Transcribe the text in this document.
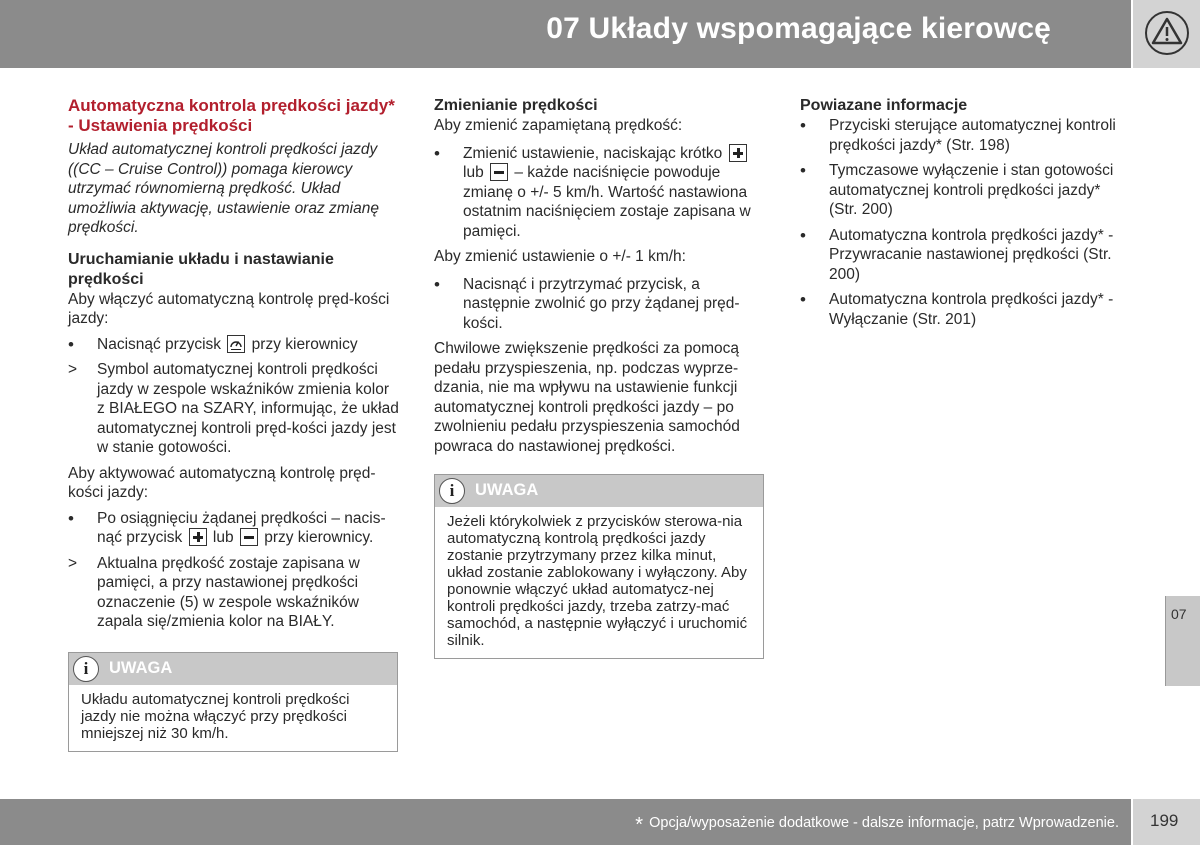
07 Układy wspomagające kierowcę
Automatyczna kontrola prędkości jazdy* - Ustawienia prędkości

Układ automatycznej kontroli prędkości jazdy ((CC – Cruise Control)) pomaga kierowcy utrzymać równomierną prędkość. Układ umożliwia aktywację, ustawienie oraz zmianę prędkości.

Uruchamianie układu i nastawianie prędkości

Aby włączyć automatyczną kontrolę pręd-kości jazdy:

•	Nacisnąć przycisk przy kierownicy
>	Symbol automatycznej kontroli prędkości jazdy w zespole wskaźników zmienia kolor z BIAŁEGO na SZARY, informując, że układ automatycznej kontroli pręd-kości jazdy jest w stanie gotowości.

Aby aktywować automatyczną kontrolę pręd-kości jazdy:

•	Po osiągnięciu żądanej prędkości – nacis-nąć przycisk lub przy kierownicy.
>	Aktualna prędkość zostaje zapisana w pamięci, a przy nastawionej prędkości oznaczenie (5) w zespole wskaźników zapala się/zmienia kolor na BIAŁY.
i	UWAGA
Układu automatycznej kontroli prędkości jazdy nie można włączyć przy prędkości mniejszej niż 30 km/h.
Zmienianie prędkości

Aby zmienić zapamiętaną prędkość:

•	Zmienić ustawienie, naciskając krótko  lub – każde naciśnięcie powoduje zmianę o +/- 5 km/h. Wartość nastawiona ostatnim naciśnięciem zostaje zapisana w pamięci.

Aby zmienić ustawienie o +/- 1 km/h:

•	Nacisnąć i przytrzymać przycisk, a następnie zwolnić go przy żądanej pręd-kości.

Chwilowe zwiększenie prędkości za pomocą pedału przyspieszenia, np. podczas wyprze-dzania, nie ma wpływu na ustawienie funkcji automatycznej kontroli prędkości jazdy – po zwolnieniu pedału przyspieszenia samochód powraca do nastawionej prędkości.

i	UWAGA
Jeżeli którykolwiek z przycisków sterowa-nia automatyczną kontrolą prędkości jazdy zostanie przytrzymany przez kilka minut, układ zostanie zablokowany i wyłączony. Aby ponownie włączyć układ automatycz-nej kontroli prędkości jazdy, trzeba zatrzy-mać samochód, a następnie wyłączyć i uruchomić silnik.
Powiazane informacje
•	Przyciski sterujące automatycznej kontroli prędkości jazdy* (Str. 198)
•	Tymczasowe wyłączenie i stan gotowości automatycznej kontroli prędkości jazdy* (Str. 200)
•	Automatyczna kontrola prędkości jazdy* - Przywracanie nastawionej prędkości (Str. 200)
•	Automatyczna kontrola prędkości jazdy* - Wyłączanie (Str. 201)
07
* Opcja/wyposażenie dodatkowe - dalsze informacje, patrz Wprowadzenie. 199
